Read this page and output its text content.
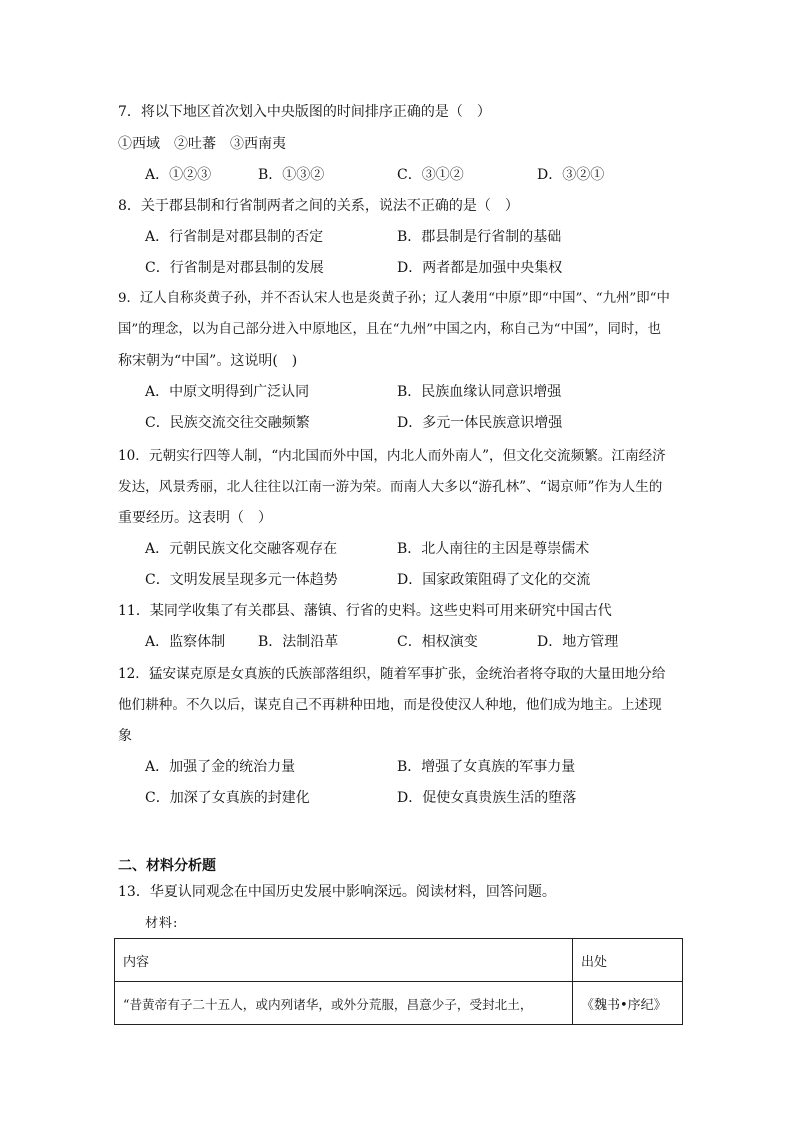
7．将以下地区首次划入中央版图的时间排序正确的是（　）
①西域　②吐蕃　③西南夷
A．①②③	B．①③②	C．③①②	D．③②①
8．关于郡县制和行省制两者之间的关系，说法不正确的是（　）
A．行省制是对郡县制的否定	B．郡县制是行省制的基础
C．行省制是对郡县制的发展	D．两者都是加强中央集权
9．辽人自称炎黄子孙，并不否认宋人也是炎黄子孙；辽人袭用“中原”即“中国”、“九州”即“中
国”的理念，以为自己部分进入中原地区，且在“九州”中国之内，称自己为“中国”，同时，也
称宋朝为“中国”。这说明(　)
A．中原文明得到广泛认同	B．民族血缘认同意识增强
C．民族交流交往交融频繁	D．多元一体民族意识增强
10．元朝实行四等人制，“内北国而外中国，内北人而外南人”，但文化交流频繁。江南经济
发达，风景秀丽，北人往往以江南一游为荣。而南人大多以“游孔林”、“谒京师”作为人生的
重要经历。这表明（　）
A．元朝民族文化交融客观存在	B．北人南往的主因是尊崇儒术
C．文明发展呈现多元一体趋势	D．国家政策阻碍了文化的交流
11．某同学收集了有关郡县、藩镇、行省的史料。这些史料可用来研究中国古代
A．监察体制 B．法制沿革	C．相权演变	D．地方管理
12．猛安谋克原是女真族的氏族部落组织，随着军事扩张，金统治者将夺取的大量田地分给
他们耕种。不久以后，谋克自己不再耕种田地，而是役使汉人种地，他们成为地主。上述现
象
A．加强了金的统治力量	B．增强了女真族的军事力量
C．加深了女真族的封建化	D．促使女真贵族生活的堕落
二、材料分析题
13．华夏认同观念在中国历史发展中影响深远。阅读材料，回答问题。
材料:
内容	出处
“昔黄帝有子二十五人，或内列诸华，或外分荒服，昌意少子，受封北土，	《魏书•序纪》
